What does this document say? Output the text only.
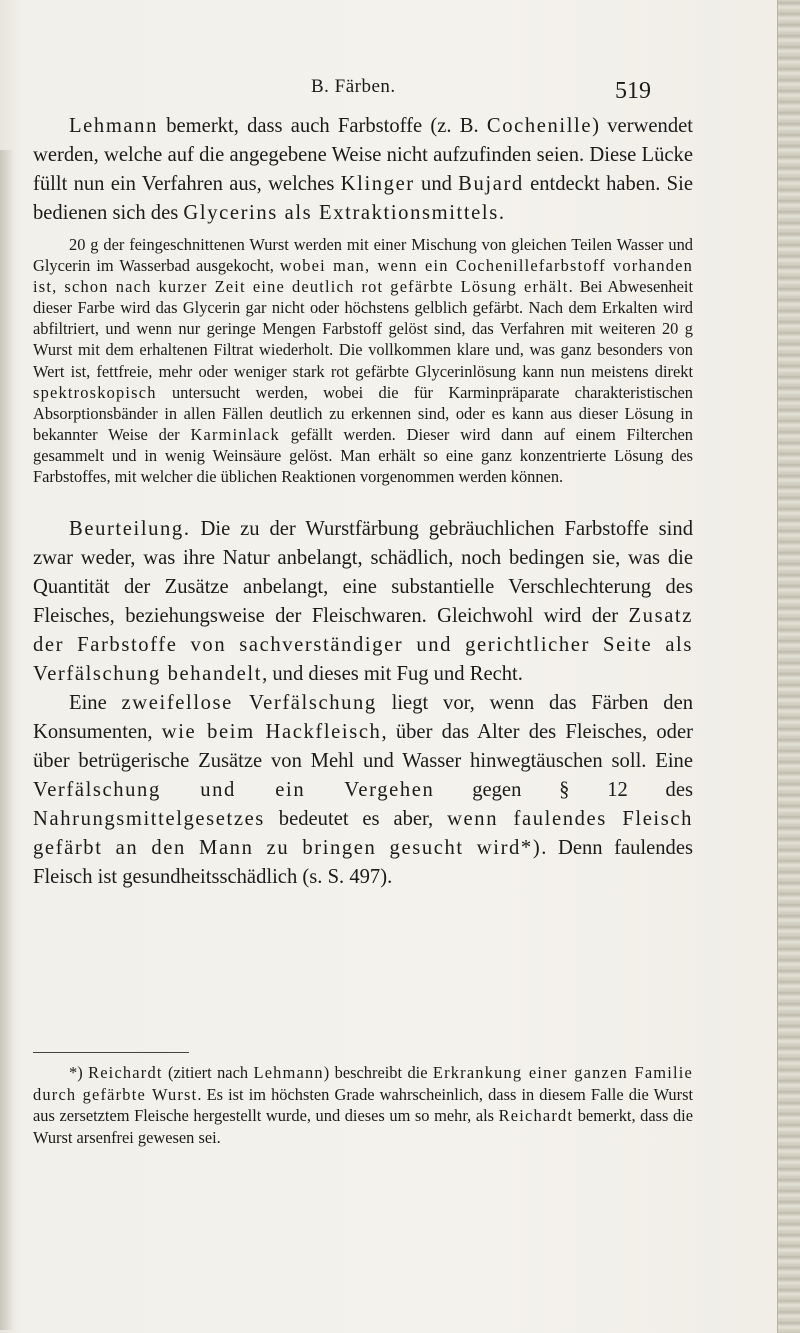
B. Färben.	519

Lehmann bemerkt, dass auch Farbstoffe (z. B. Cochenille) verwendet werden, welche auf die angegebene Weise nicht aufzufinden seien. Diese Lücke füllt nun ein Verfahren aus, welches Klinger und Bujard entdeckt haben. Sie bedienen sich des Glycerins als Extraktionsmittels.

20 g der feingeschnittenen Wurst werden mit einer Mischung von gleichen Teilen Wasser und Glycerin im Wasserbad ausgekocht, wobei man, wenn ein Cochenillefarbstoff vorhanden ist, schon nach kurzer Zeit eine deutlich rot gefärbte Lösung erhält. Bei Abwesenheit dieser Farbe wird das Glycerin gar nicht oder höchstens gelblich gefärbt. Nach dem Erkalten wird abfiltriert, und wenn nur geringe Mengen Farbstoff gelöst sind, das Verfahren mit weiteren 20 g Wurst mit dem erhaltenen Filtrat wiederholt. Die vollkommen klare und, was ganz besonders von Wert ist, fettfreie, mehr oder weniger stark rot gefärbte Glycerinlösung kann nun meistens direkt spektroskopisch untersucht werden, wobei die für Karminpräparate charakteristischen Absorptionsbänder in allen Fällen deutlich zu erkennen sind, oder es kann aus dieser Lösung in bekannter Weise der Karminlack gefällt werden. Dieser wird dann auf einem Filterchen gesammelt und in wenig Weinsäure gelöst. Man erhält so eine ganz konzentrierte Lösung des Farbstoffes, mit welcher die üblichen Reaktionen vorgenommen werden können.

Beurteilung. Die zu der Wurstfärbung gebräuchlichen Farbstoffe sind zwar weder, was ihre Natur anbelangt, schädlich, noch bedingen sie, was die Quantität der Zusätze anbelangt, eine substantielle Verschlechterung des Fleisches, beziehungsweise der Fleischwaren. Gleichwohl wird der Zusatz der Farbstoffe von sachverständiger und gerichtlicher Seite als Verfälschung behandelt, und dieses mit Fug und Recht.

Eine zweifellose Verfälschung liegt vor, wenn das Färben den Konsumenten, wie beim Hackfleisch, über das Alter des Fleisches, oder über betrügerische Zusätze von Mehl und Wasser hinwegtäuschen soll. Eine Verfälschung und ein Vergehen gegen § 12 des Nahrungsmittelgesetzes bedeutet es aber, wenn faulendes Fleisch gefärbt an den Mann zu bringen gesucht wird*). Denn faulendes Fleisch ist gesundheitsschädlich (s. S. 497).

*) Reichardt (zitiert nach Lehmann) beschreibt die Erkrankung einer ganzen Familie durch gefärbte Wurst. Es ist im höchsten Grade wahrscheinlich, dass in diesem Falle die Wurst aus zersetztem Fleische hergestellt wurde, und dieses um so mehr, als Reichardt bemerkt, dass die Wurst arsenfrei gewesen sei.
